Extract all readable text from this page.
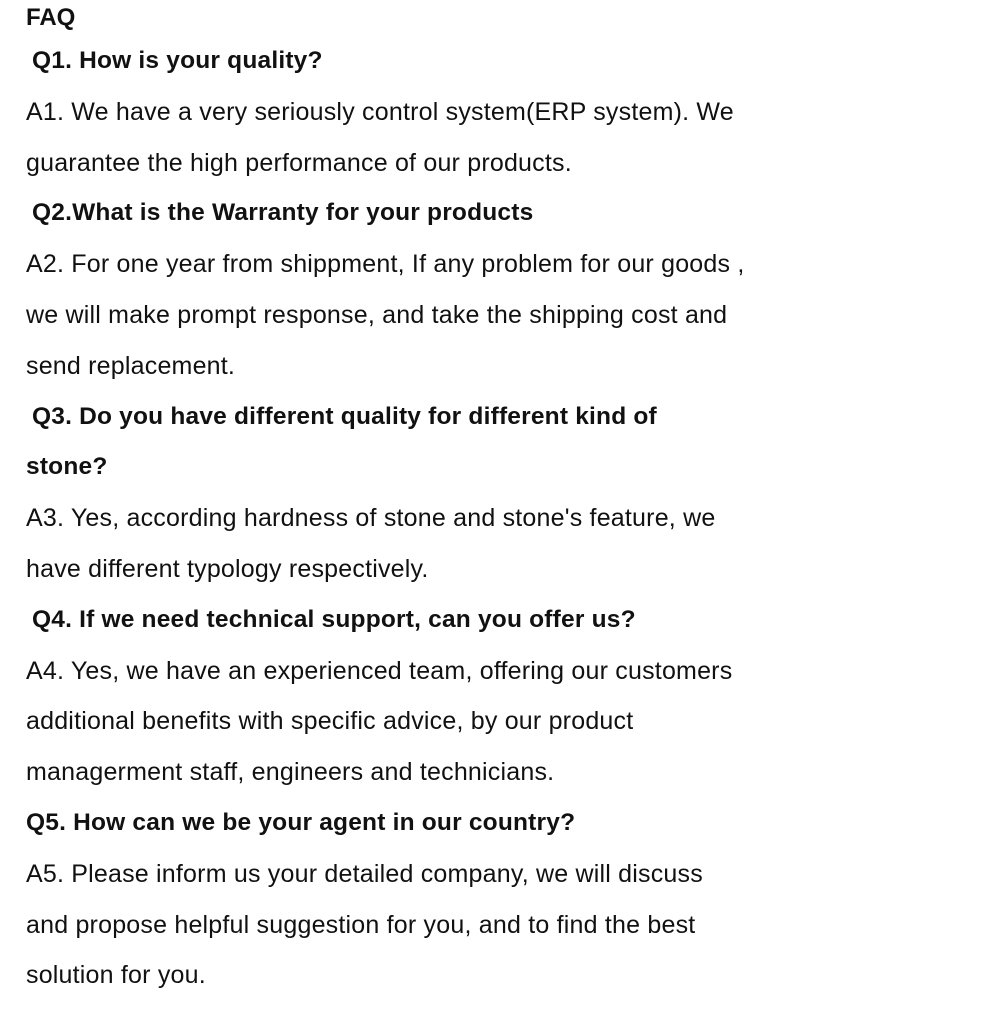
FAQ
Q1. How is your quality?
A1. We have a very seriously control system(ERP system). We
guarantee the high performance of our products.
Q2.What is the Warranty for your products
A2. For one year from shippment, If any problem for our goods ,
we will make prompt response, and take the shipping cost and
send replacement.
Q3. Do you have different quality for different kind of
stone?
A3. Yes, according hardness of stone and stone's feature, we
have different typology respectively.
Q4. If we need technical support, can you offer us?
A4. Yes, we have an experienced team, offering our customers
additional benefits with specific advice, by our product
managerment staff, engineers and technicians.
Q5. How can we be your agent in our country?
A5. Please inform us your detailed company, we will discuss
and propose helpful suggestion for you, and to find the best
solution for you.
